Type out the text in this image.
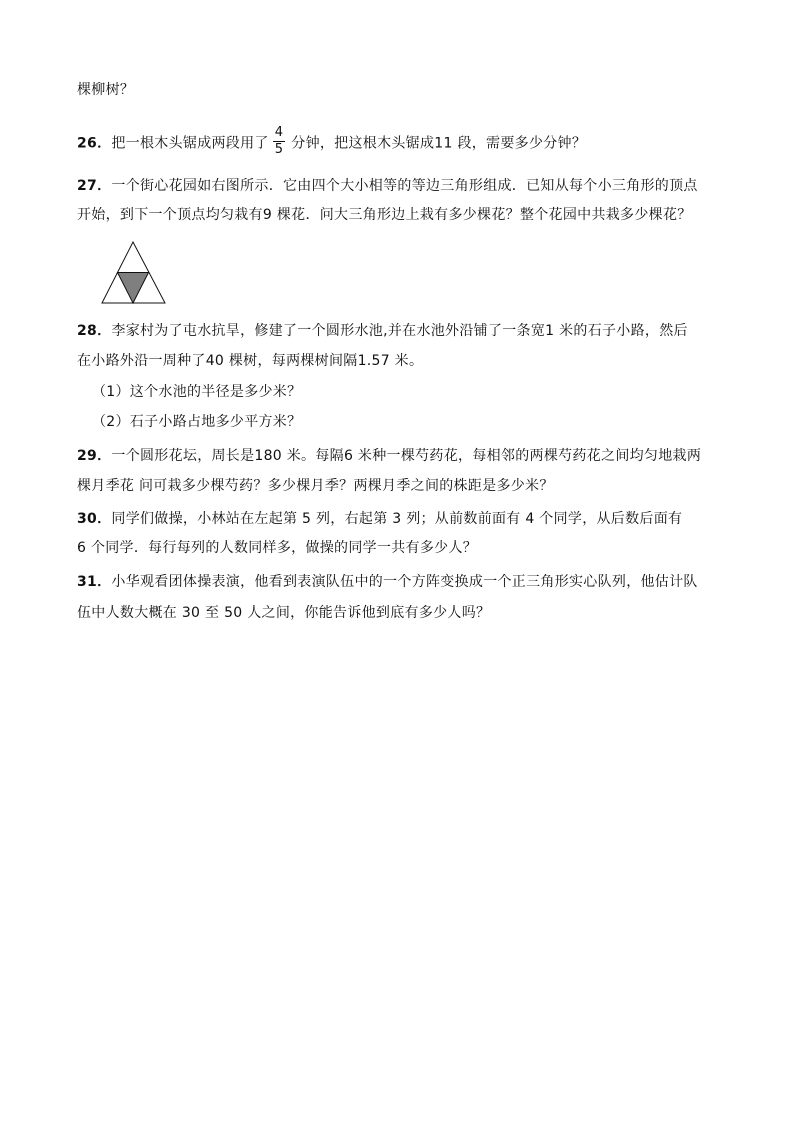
棵柳树？
26．把一根木头锯成两段用了 $\frac{4}{5}$ 分钟，把这根木头锯成11 段，需要多少分钟？
27．一个街心花园如右图所示．它由四个大小相等的等边三角形组成．已知从每个小三角形的顶点
开始，到下一个顶点均匀栽有9 棵花．问大三角形边上栽有多少棵花？整个花园中共栽多少棵花？
28．李家村为了屯水抗旱，修建了一个圆形水池,并在水池外沿铺了一条宽1 米的石子小路，然后
在小路外沿一周种了40 棵树，每两棵树间隔1.57 米。
（1）这个水池的半径是多少米？
（2）石子小路占地多少平方米？
29．一个圆形花坛，周长是180 米。每隔6 米种一棵芍药花，每相邻的两棵芍药花之间均匀地栽两
棵月季花 问可栽多少棵芍药？多少棵月季？两棵月季之间的株距是多少米？
30．同学们做操，小林站在左起第 5 列，右起第 3 列；从前数前面有 4 个同学，从后数后面有
6 个同学．每行每列的人数同样多，做操的同学一共有多少人？
31．小华观看团体操表演，他看到表演队伍中的一个方阵变换成一个正三角形实心队列，他估计队
伍中人数大概在 30 至 50 人之间，你能告诉他到底有多少人吗？
